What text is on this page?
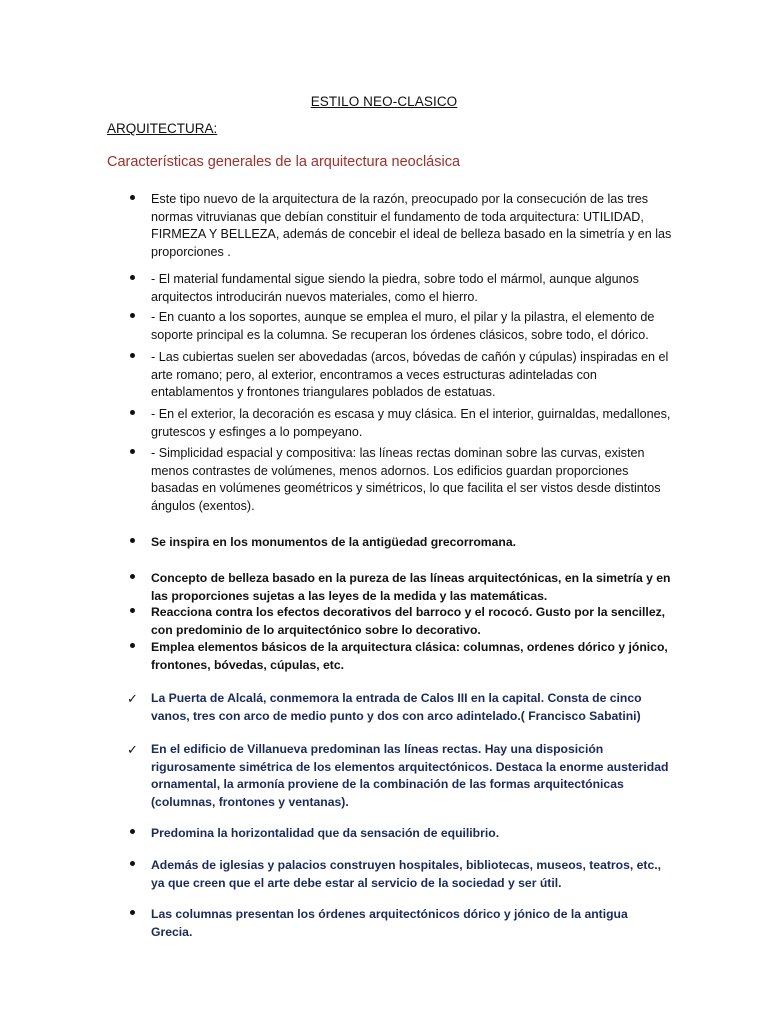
ESTILO NEO-CLASICO
ARQUITECTURA:
Características generales de la arquitectura neoclásica
Este tipo nuevo de la arquitectura de la razón, preocupado por la consecución de las tres normas vitruvianas que debían constituir el fundamento de toda arquitectura: UTILIDAD, FIRMEZA Y BELLEZA, además de concebir el ideal de belleza basado en la simetría y en las proporciones .
- El material fundamental sigue siendo la piedra, sobre todo el mármol, aunque algunos arquitectos introducirán nuevos materiales, como el hierro.
- En cuanto a los soportes, aunque se emplea el muro, el pilar y la pilastra, el elemento de soporte principal es la columna. Se recuperan los órdenes clásicos, sobre todo, el dórico.
- Las cubiertas suelen ser abovedadas (arcos, bóvedas de cañón y cúpulas) inspiradas en el arte romano; pero, al exterior, encontramos a veces estructuras adinteladas con entablamentos y frontones triangulares poblados de estatuas.
- En el exterior, la decoración es escasa y muy clásica. En el interior, guirnaldas, medallones, grutescos y esfinges a lo pompeyano.
- Simplicidad espacial y compositiva: las líneas rectas dominan sobre las curvas, existen menos contrastes de volúmenes, menos adornos. Los edificios guardan proporciones basadas en volúmenes geométricos y simétricos, lo que facilita el ser vistos desde distintos ángulos (exentos).
Se inspira en los monumentos de la antigüedad grecorromana.
Concepto de belleza basado en la pureza de las líneas arquitectónicas, en la simetría y en las proporciones sujetas a las leyes de la medida y las matemáticas.
Reacciona contra los efectos decorativos del barroco y el rococó. Gusto por la sencillez, con predominio de lo arquitectónico sobre lo decorativo.
Emplea elementos básicos de la arquitectura clásica: columnas, ordenes dórico y jónico, frontones, bóvedas, cúpulas, etc.
✓	La Puerta de Alcalá, conmemora la entrada de Calos III en la capital. Consta de cinco vanos, tres con arco de medio punto y dos con arco adintelado.( Francisco Sabatini)
✓	En el edificio de Villanueva predominan las líneas rectas. Hay una disposición rigurosamente simétrica de los elementos arquitectónicos. Destaca la enorme austeridad ornamental, la armonía proviene de la combinación de las formas arquitectónicas (columnas, frontones y ventanas).
Predomina la horizontalidad que da sensación de equilibrio.
Además de iglesias y palacios construyen hospitales, bibliotecas, museos, teatros, etc., ya que creen que el arte debe estar al servicio de la sociedad y ser útil.
Las columnas presentan los órdenes arquitectónicos dórico y jónico de la antigua Grecia.
